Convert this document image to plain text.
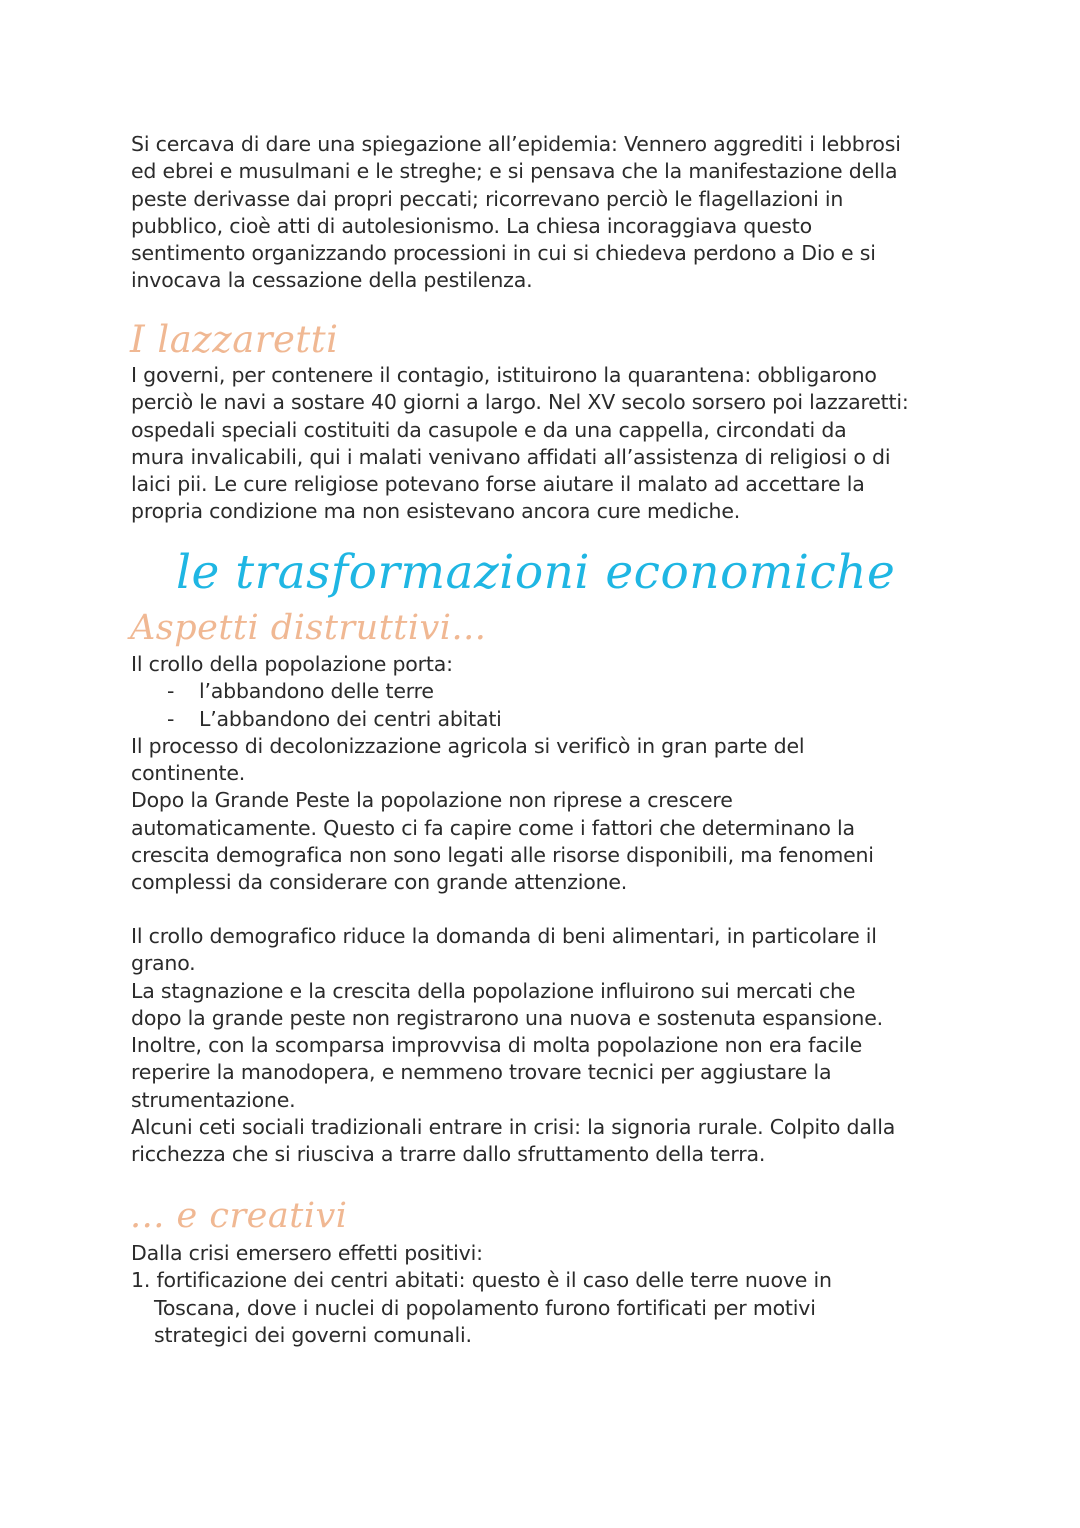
Si cercava di dare una spiegazione all’epidemia: Vennero aggrediti i lebbrosi
ed ebrei e musulmani e le streghe; e si pensava che la manifestazione della
peste derivasse dai propri peccati; ricorrevano perciò le flagellazioni in
pubblico, cioè atti di autolesionismo. La chiesa incoraggiava questo
sentimento organizzando processioni in cui si chiedeva perdono a Dio e si
invocava la cessazione della pestilenza.
I lazzaretti
I governi, per contenere il contagio, istituirono la quarantena: obbligarono
perciò le navi a sostare 40 giorni a largo. Nel XV secolo sorsero poi lazzaretti:
ospedali speciali costituiti da casupole e da una cappella, circondati da
mura invalicabili, qui i malati venivano affidati all’assistenza di religiosi o di
laici pii. Le cure religiose potevano forse aiutare il malato ad accettare la
propria condizione ma non esistevano ancora cure mediche.
le trasformazioni economiche
Aspetti distruttivi...
Il crollo della popolazione porta:
- l’abbandono delle terre
- L’abbandono dei centri abitati
Il processo di decolonizzazione agricola si verificò in gran parte del
continente.
Dopo la Grande Peste la popolazione non riprese a crescere
automaticamente. Questo ci fa capire come i fattori che determinano la
crescita demografica non sono legati alle risorse disponibili, ma fenomeni
complessi da considerare con grande attenzione.
Il crollo demografico riduce la domanda di beni alimentari, in particolare il
grano.
La stagnazione e la crescita della popolazione influirono sui mercati che
dopo la grande peste non registrarono una nuova e sostenuta espansione.
Inoltre, con la scomparsa improvvisa di molta popolazione non era facile
reperire la manodopera, e nemmeno trovare tecnici per aggiustare la
strumentazione.
Alcuni ceti sociali tradizionali entrare in crisi: la signoria rurale. Colpito dalla
ricchezza che si riusciva a trarre dallo sfruttamento della terra.
... e creativi
Dalla crisi emersero effetti positivi:
1. fortificazione dei centri abitati: questo è il caso delle terre nuove in
Toscana, dove i nuclei di popolamento furono fortificati per motivi
strategici dei governi comunali.
